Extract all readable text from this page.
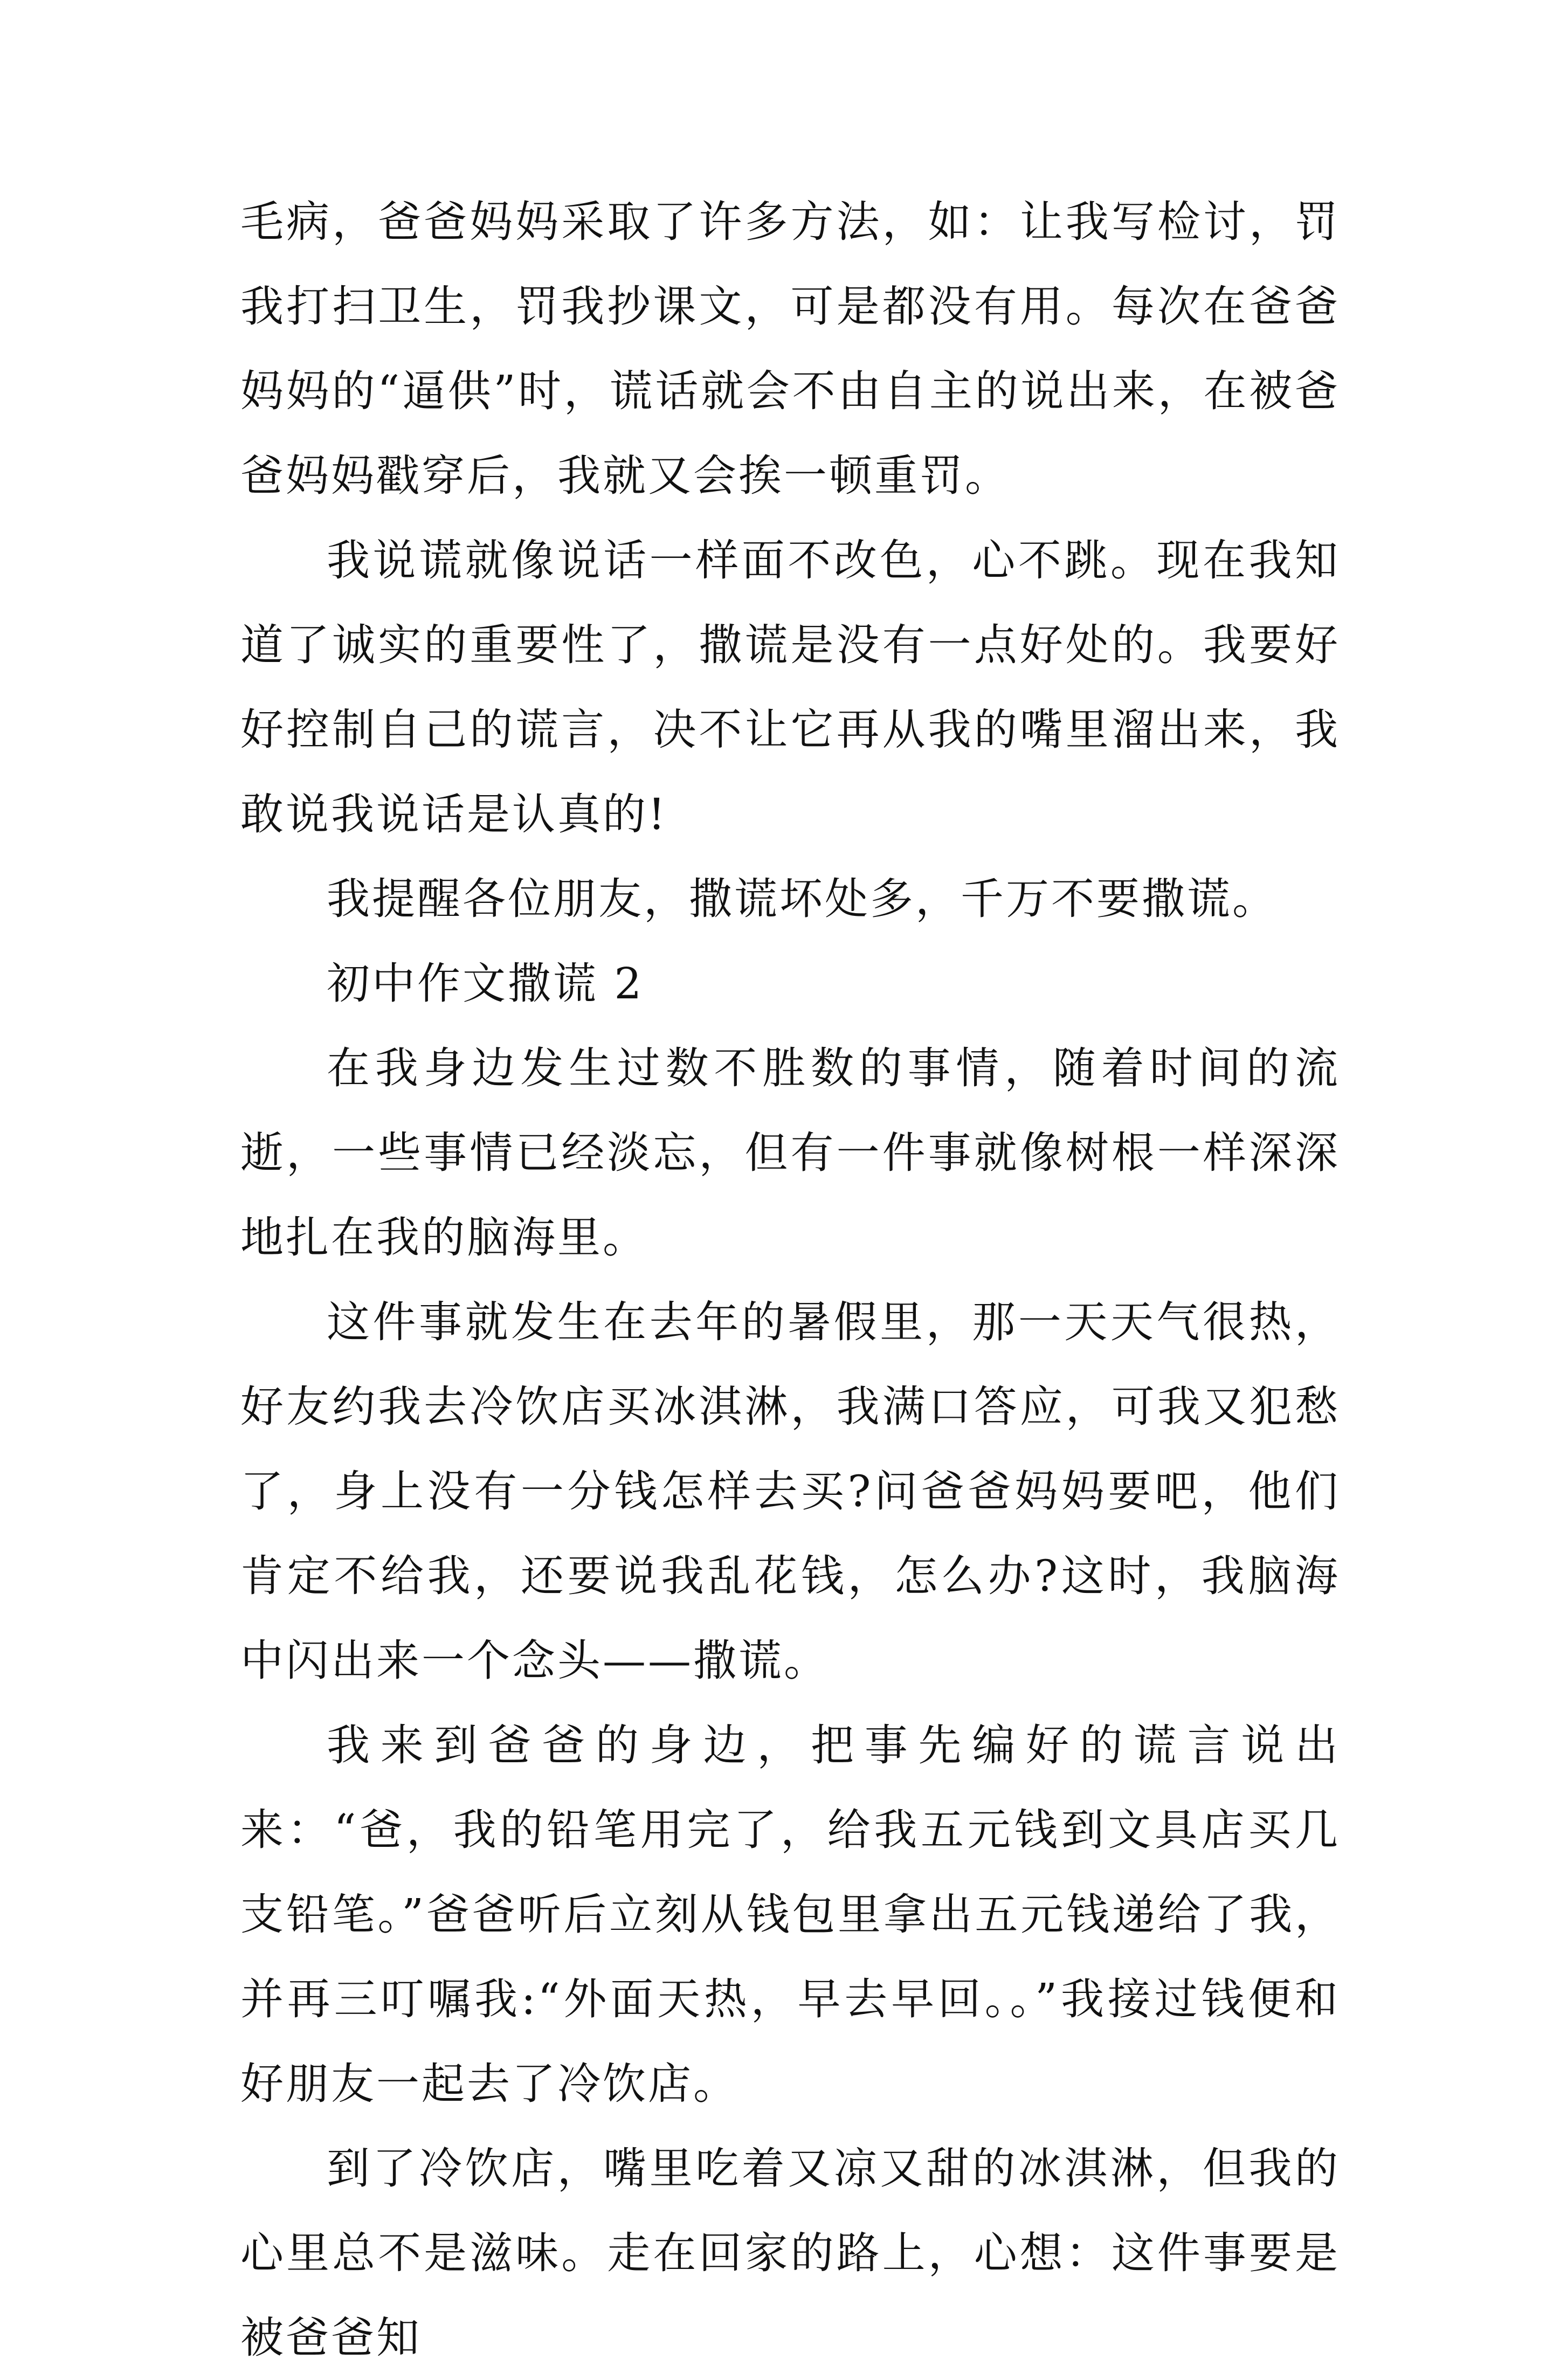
毛病，爸爸妈妈采取了许多方法，如：让我写检讨，罚我打扫卫生，罚我抄课文，可是都没有用。每次在爸爸妈妈的“逼供”时，谎话就会不由自主的说出来，在被爸爸妈妈戳穿后，我就又会挨一顿重罚。

我说谎就像说话一样面不改色，心不跳。现在我知道了诚实的重要性了，撒谎是没有一点好处的。我要好好控制自己的谎言，决不让它再从我的嘴里溜出来，我敢说我说话是认真的!

我提醒各位朋友，撒谎坏处多，千万不要撒谎。

初中作文撒谎 2

在我身边发生过数不胜数的事情，随着时间的流逝，一些事情已经淡忘，但有一件事就像树根一样深深地扎在我的脑海里。

这件事就发生在去年的暑假里，那一天天气很热，好友约我去冷饮店买冰淇淋，我满口答应，可我又犯愁了，身上没有一分钱怎样去买?问爸爸妈妈要吧，他们肯定不给我，还要说我乱花钱，怎么办?这时，我脑海中闪出来一个念头——撒谎。

我来到爸爸的身边，把事先编好的谎言说出来：“爸，我的铅笔用完了，给我五元钱到文具店买几支铅笔。”爸爸听后立刻从钱包里拿出五元钱递给了我，并再三叮嘱我:“外面天热，早去早回。。”我接过钱便和好朋友一起去了冷饮店。

到了冷饮店，嘴里吃着又凉又甜的冰淇淋，但我的心里总不是滋味。走在回家的路上，心想：这件事要是被爸爸知
